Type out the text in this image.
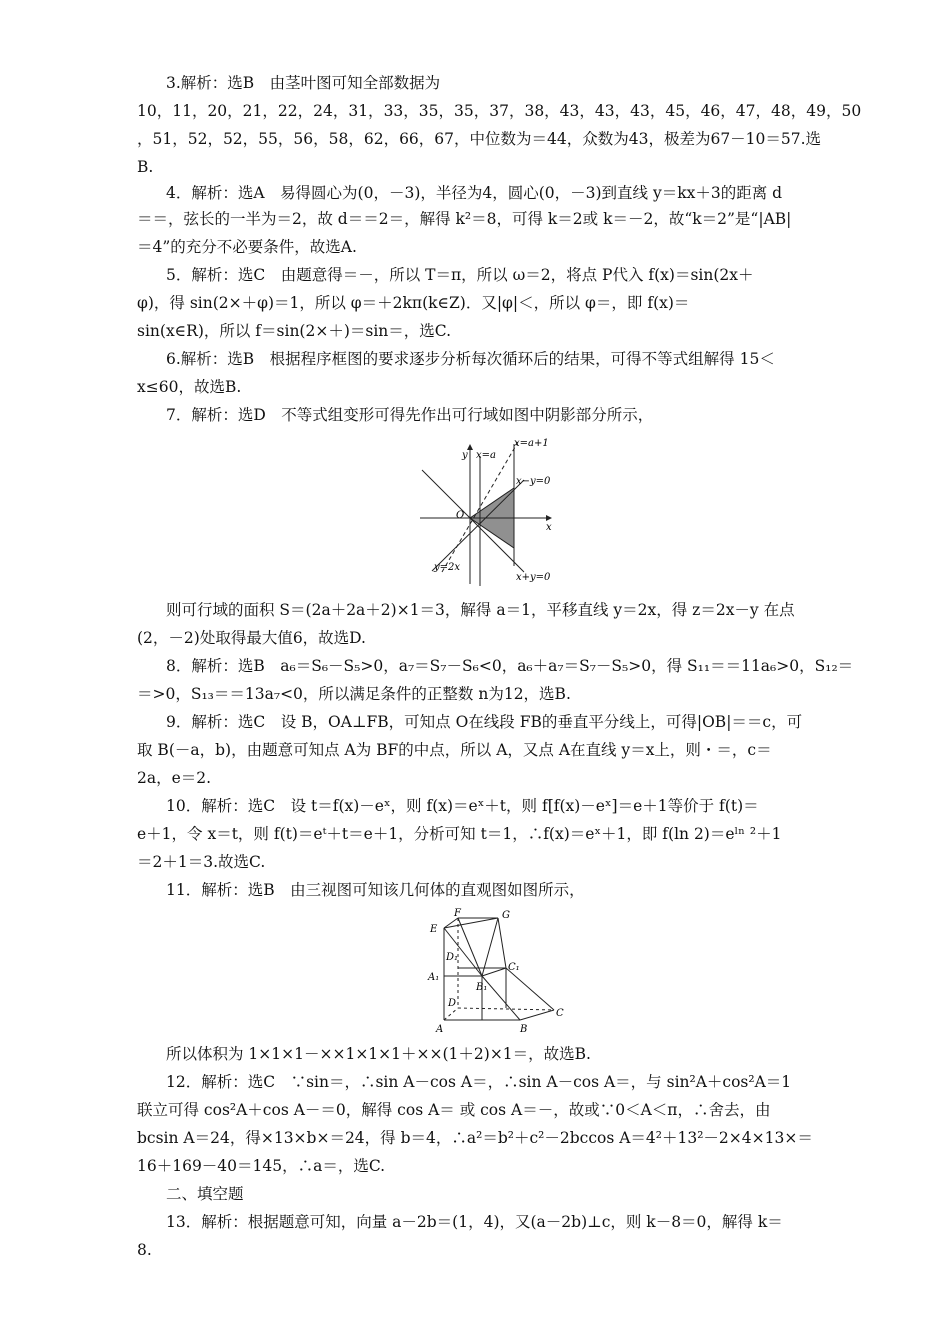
3.解析：选B　由茎叶图可知全部数据为
10，11，20，21，22，24，31，33，35，35，37，38，43，43，43，45，46，47，48，49，50
，51，52，52，55，56，58，62，66，67，中位数为＝44，众数为43，极差为67－10＝57.选
B.
4．解析：选A　易得圆心为(0，－3)，半径为4，圆心(0，－3)到直线 y＝kx＋3的距离 d
＝＝，弦长的一半为＝2，故 d＝＝2＝，解得 k²＝8，可得 k＝2或 k＝－2，故“k＝2”是“|AB|
＝4”的充分不必要条件，故选A.
5．解析：选C　由题意得＝－，所以 T＝π，所以 ω＝2，将点 P代入 f(x)＝sin(2x＋
φ)，得 sin(2×＋φ)＝1，所以 φ＝＋2kπ(k∈Z)．又|φ|＜，所以 φ＝，即 f(x)＝
sin(x∈R)，所以 f＝sin(2×＋)＝sin＝，选C.
6.解析：选B　根据程序框图的要求逐步分析每次循环后的结果，可得不等式组解得 15＜
x≤60，故选B.
7．解析：选D　不等式组变形可得先作出可行域如图中阴影部分所示，
y x=a
x=a+1
x−y=0
O
x
y=2x
x+y=0
则可行域的面积 S＝(2a＋2a＋2)×1＝3，解得 a＝1，平移直线 y＝2x，得 z＝2x－y 在点
(2，－2)处取得最大值6，故选D.
8．解析：选B　a₆＝S₆－S₅>0，a₇＝S₇－S₆<0，a₆＋a₇＝S₇－S₅>0，得 S₁₁＝＝11a₆>0，S₁₂＝
＝>0，S₁₃＝＝13a₇<0，所以满足条件的正整数 n为12，选B.
9．解析：选C　设 B，OA⊥FB，可知点 O在线段 FB的垂直平分线上，可得|OB|＝＝c，可
取 B(－a，b)，由题意可知点 A为 BF的中点，所以 A，又点 A在直线 y＝x上，则・＝，c＝
2a，e＝2.
10．解析：选C　设 t＝f(x)－eˣ，则 f(x)＝eˣ＋t，则 f[f(x)－eˣ]＝e＋1等价于 f(t)＝
e＋1，令 x＝t，则 f(t)＝eᵗ＋t＝e＋1，分析可知 t＝1，∴f(x)＝eˣ＋1，即 f(ln 2)＝eˡⁿ ²＋1
＝2＋1＝3.故选C.
11．解析：选B　由三视图可知该几何体的直观图如图所示，
F	G
E
D₁
C₁
A₁
B₁
D
C
A	B
所以体积为 1×1×1－××1×1×1＋××(1＋2)×1＝，故选B.
12．解析：选C　∵sin＝，∴sin A－cos A＝，∴sin A－cos A＝，与 sin²A＋cos²A＝1
联立可得 cos²A＋cos A－＝0，解得 cos A＝ 或 cos A＝－，故或∵0＜A＜π，∴舍去，由
bcsin A＝24，得×13×b×＝24，得 b＝4，∴a²＝b²＋c²－2bccos A＝4²＋13²－2×4×13×＝
16＋169－40＝145，∴a＝，选C.
二、填空题
13．解析：根据题意可知，向量 a－2b＝(1，4)，又(a－2b)⊥c，则 k－8＝0，解得 k＝
8.
